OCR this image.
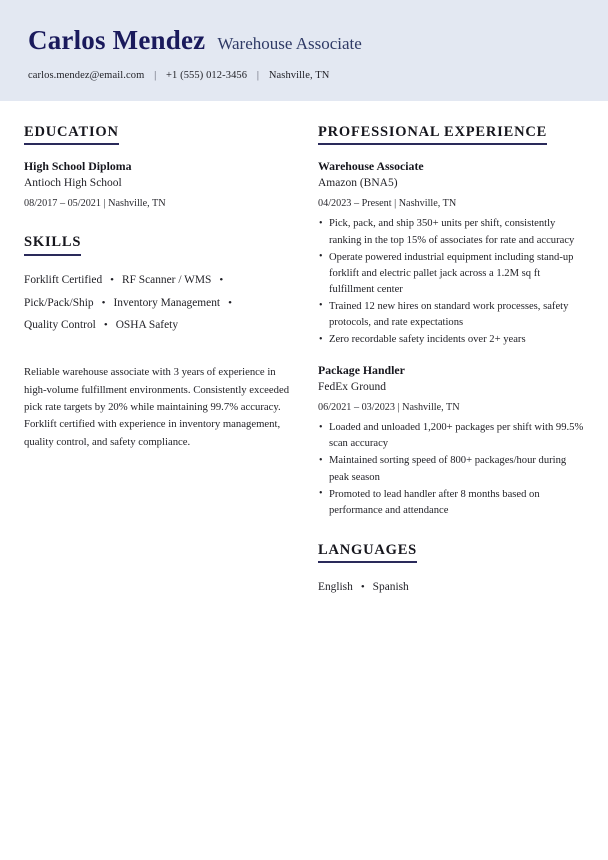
Carlos Mendez Warehouse Associate
carlos.mendez@email.com | +1 (555) 012-3456 | Nashville, TN
EDUCATION
High School Diploma
Antioch High School
08/2017 – 05/2021 | Nashville, TN
SKILLS
Forklift Certified • RF Scanner / WMS •Pick/Pack/Ship • Inventory Management •Quality Control • OSHA Safety
Reliable warehouse associate with 3 years of experience in high-volume fulfillment environments. Consistently exceeded pick rate targets by 20% while maintaining 99.7% accuracy. Forklift certified with experience in inventory management, quality control, and safety compliance.
PROFESSIONAL EXPERIENCE
Warehouse Associate
Amazon (BNA5)
04/2023 – Present | Nashville, TN
• Pick, pack, and ship 350+ units per shift, consistently ranking in the top 15% of associates for rate and accuracy
• Operate powered industrial equipment including stand-up forklift and electric pallet jack across a 1.2M sq ft fulfillment center
• Trained 12 new hires on standard work processes, safety protocols, and rate expectations
• Zero recordable safety incidents over 2+ years
Package Handler
FedEx Ground
06/2021 – 03/2023 | Nashville, TN
• Loaded and unloaded 1,200+ packages per shift with 99.5% scan accuracy
• Maintained sorting speed of 800+ packages/hour during peak season
• Promoted to lead handler after 8 months based on performance and attendance
LANGUAGES
English • Spanish
